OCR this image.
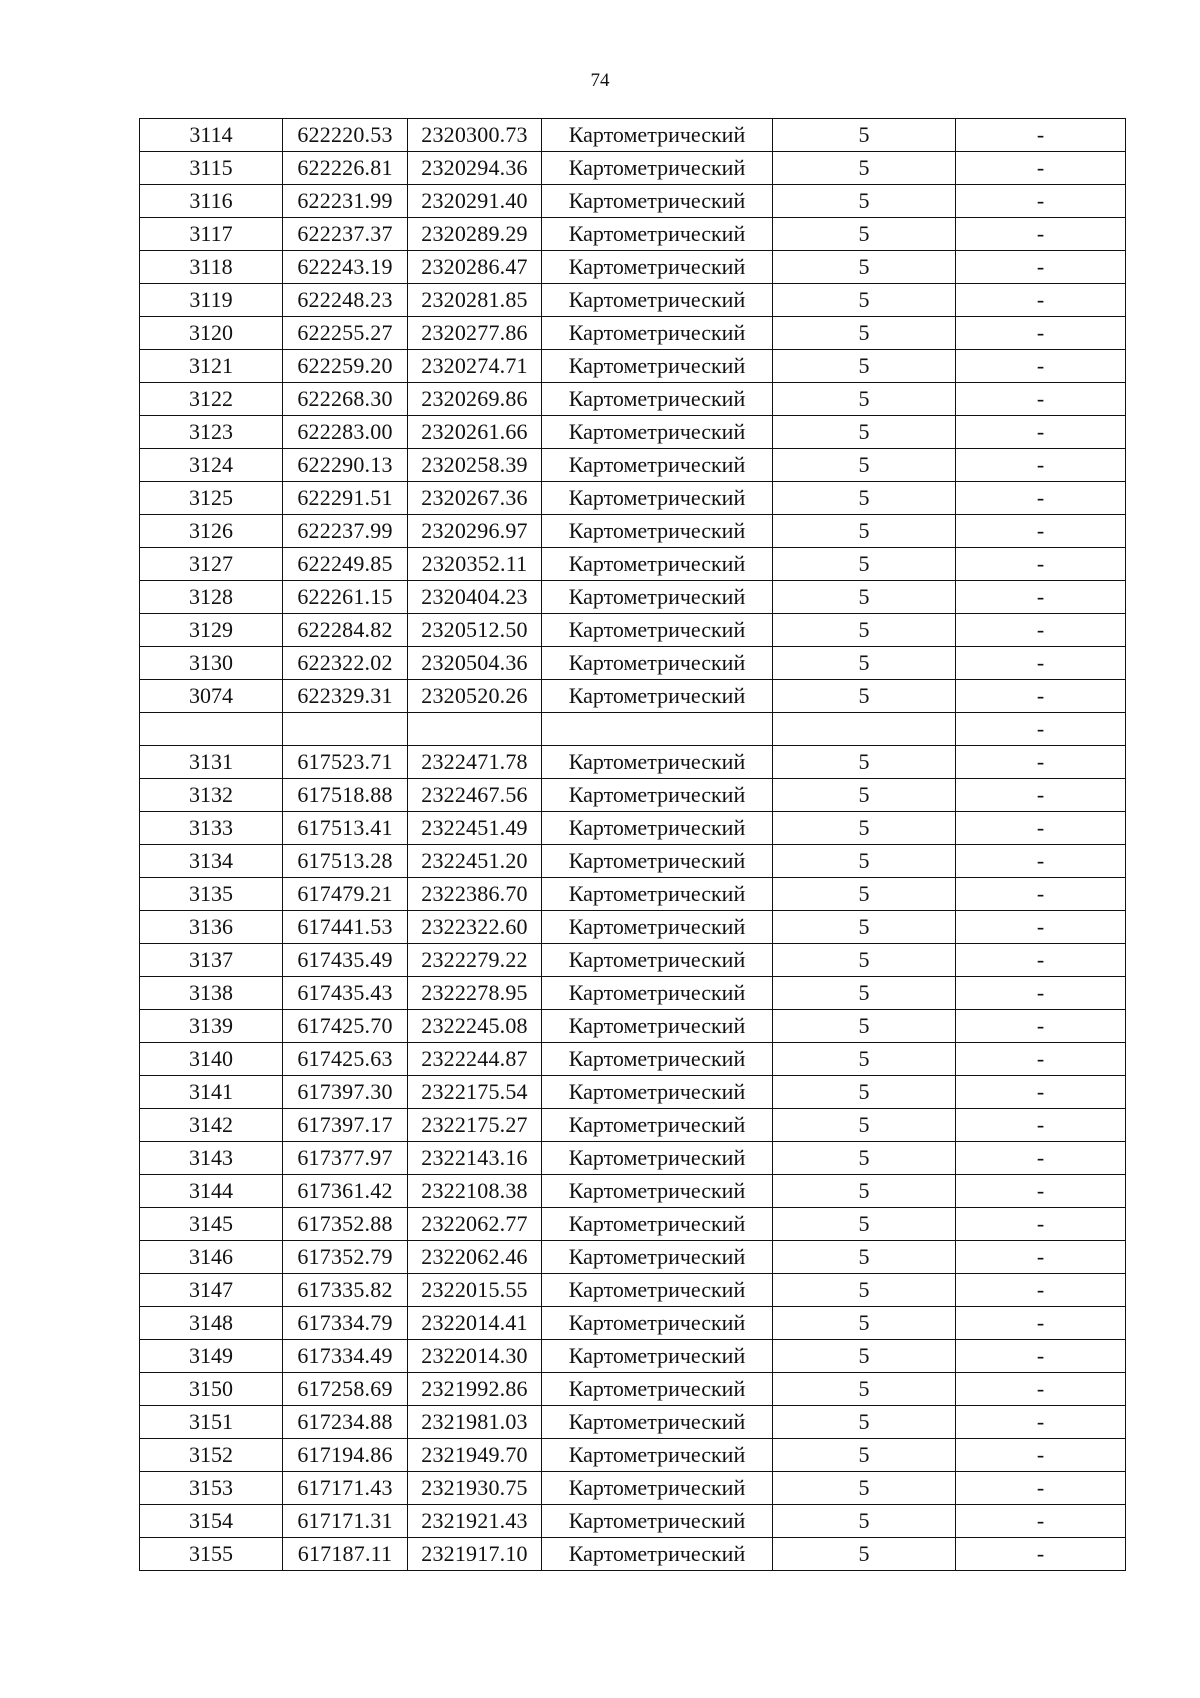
74
3114	622220.53	2320300.73	Картометрический	5	-
3115	622226.81	2320294.36	Картометрический	5	-
3116	622231.99	2320291.40	Картометрический	5	-
3117	622237.37	2320289.29	Картометрический	5	-
3118	622243.19	2320286.47	Картометрический	5	-
3119	622248.23	2320281.85	Картометрический	5	-
3120	622255.27	2320277.86	Картометрический	5	-
3121	622259.20	2320274.71	Картометрический	5	-
3122	622268.30	2320269.86	Картометрический	5	-
3123	622283.00	2320261.66	Картометрический	5	-
3124	622290.13	2320258.39	Картометрический	5	-
3125	622291.51	2320267.36	Картометрический	5	-
3126	622237.99	2320296.97	Картометрический	5	-
3127	622249.85	2320352.11	Картометрический	5	-
3128	622261.15	2320404.23	Картометрический	5	-
3129	622284.82	2320512.50	Картометрический	5	-
3130	622322.02	2320504.36	Картометрический	5	-
3074	622329.31	2320520.26	Картометрический	5	-
					-
3131	617523.71	2322471.78	Картометрический	5	-
3132	617518.88	2322467.56	Картометрический	5	-
3133	617513.41	2322451.49	Картометрический	5	-
3134	617513.28	2322451.20	Картометрический	5	-
3135	617479.21	2322386.70	Картометрический	5	-
3136	617441.53	2322322.60	Картометрический	5	-
3137	617435.49	2322279.22	Картометрический	5	-
3138	617435.43	2322278.95	Картометрический	5	-
3139	617425.70	2322245.08	Картометрический	5	-
3140	617425.63	2322244.87	Картометрический	5	-
3141	617397.30	2322175.54	Картометрический	5	-
3142	617397.17	2322175.27	Картометрический	5	-
3143	617377.97	2322143.16	Картометрический	5	-
3144	617361.42	2322108.38	Картометрический	5	-
3145	617352.88	2322062.77	Картометрический	5	-
3146	617352.79	2322062.46	Картометрический	5	-
3147	617335.82	2322015.55	Картометрический	5	-
3148	617334.79	2322014.41	Картометрический	5	-
3149	617334.49	2322014.30	Картометрический	5	-
3150	617258.69	2321992.86	Картометрический	5	-
3151	617234.88	2321981.03	Картометрический	5	-
3152	617194.86	2321949.70	Картометрический	5	-
3153	617171.43	2321930.75	Картометрический	5	-
3154	617171.31	2321921.43	Картометрический	5	-
3155	617187.11	2321917.10	Картометрический	5	-
